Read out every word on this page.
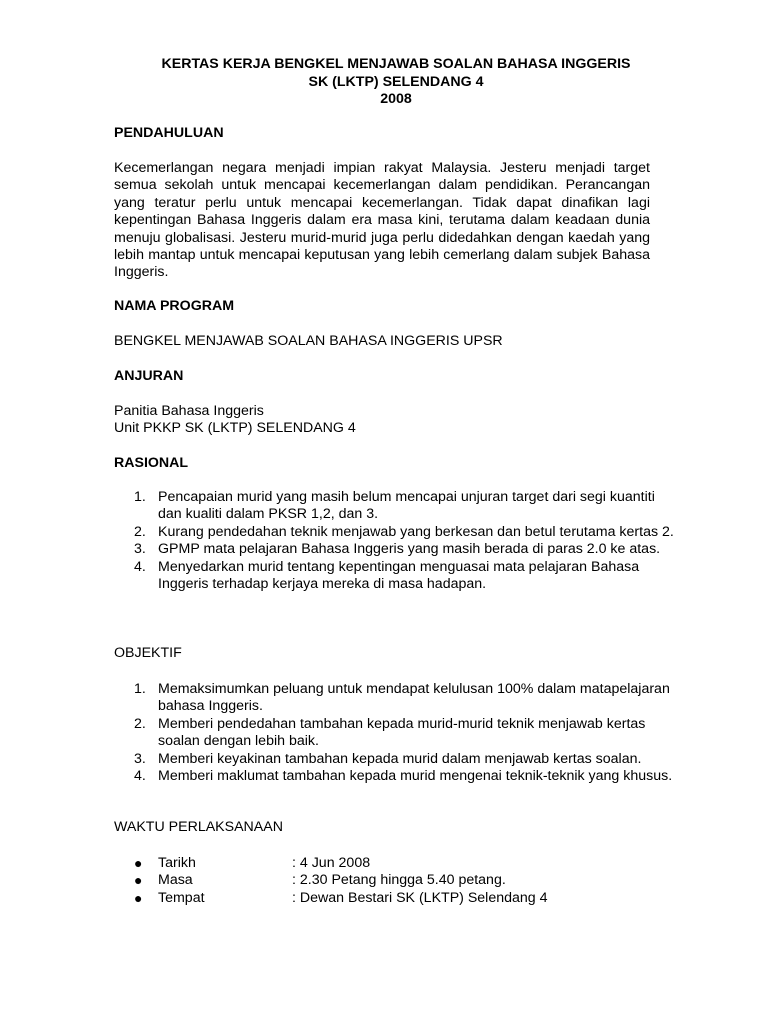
KERTAS KERJA BENGKEL MENJAWAB SOALAN BAHASA INGGERIS
SK (LKTP) SELENDANG 4
2008
PENDAHULUAN
Kecemerlangan negara menjadi impian rakyat Malaysia. Jesteru menjadi target semua sekolah untuk mencapai kecemerlangan dalam pendidikan. Perancangan yang teratur perlu untuk mencapai kecemerlangan. Tidak dapat dinafikan lagi kepentingan Bahasa Inggeris dalam era masa kini, terutama dalam keadaan dunia menuju globalisasi. Jesteru murid-murid juga perlu didedahkan dengan kaedah yang lebih mantap untuk mencapai keputusan yang lebih cemerlang dalam subjek Bahasa Inggeris.
NAMA PROGRAM
BENGKEL MENJAWAB SOALAN BAHASA INGGERIS UPSR
ANJURAN
Panitia Bahasa Inggeris
Unit PKKP SK (LKTP) SELENDANG 4
RASIONAL
1. Pencapaian murid yang masih belum mencapai unjuran target dari segi kuantiti dan kualiti dalam PKSR 1,2, dan 3.
2. Kurang pendedahan teknik menjawab yang berkesan dan betul terutama kertas 2.
3. GPMP mata pelajaran Bahasa Inggeris yang masih berada di paras 2.0 ke atas.
4. Menyedarkan murid tentang kepentingan menguasai mata pelajaran Bahasa Inggeris terhadap kerjaya mereka di masa hadapan.
OBJEKTIF
1. Memaksimumkan peluang untuk mendapat kelulusan 100% dalam matapelajaran bahasa Inggeris.
2. Memberi pendedahan tambahan kepada murid-murid teknik menjawab kertas soalan dengan lebih baik.
3. Memberi keyakinan tambahan kepada murid dalam menjawab kertas soalan.
4. Memberi maklumat tambahan kepada murid mengenai teknik-teknik yang khusus.
WAKTU PERLAKSANAAN
● Tarikh	: 4 Jun 2008
● Masa	: 2.30 Petang hingga 5.40 petang.
● Tempat	: Dewan Bestari SK (LKTP) Selendang 4
